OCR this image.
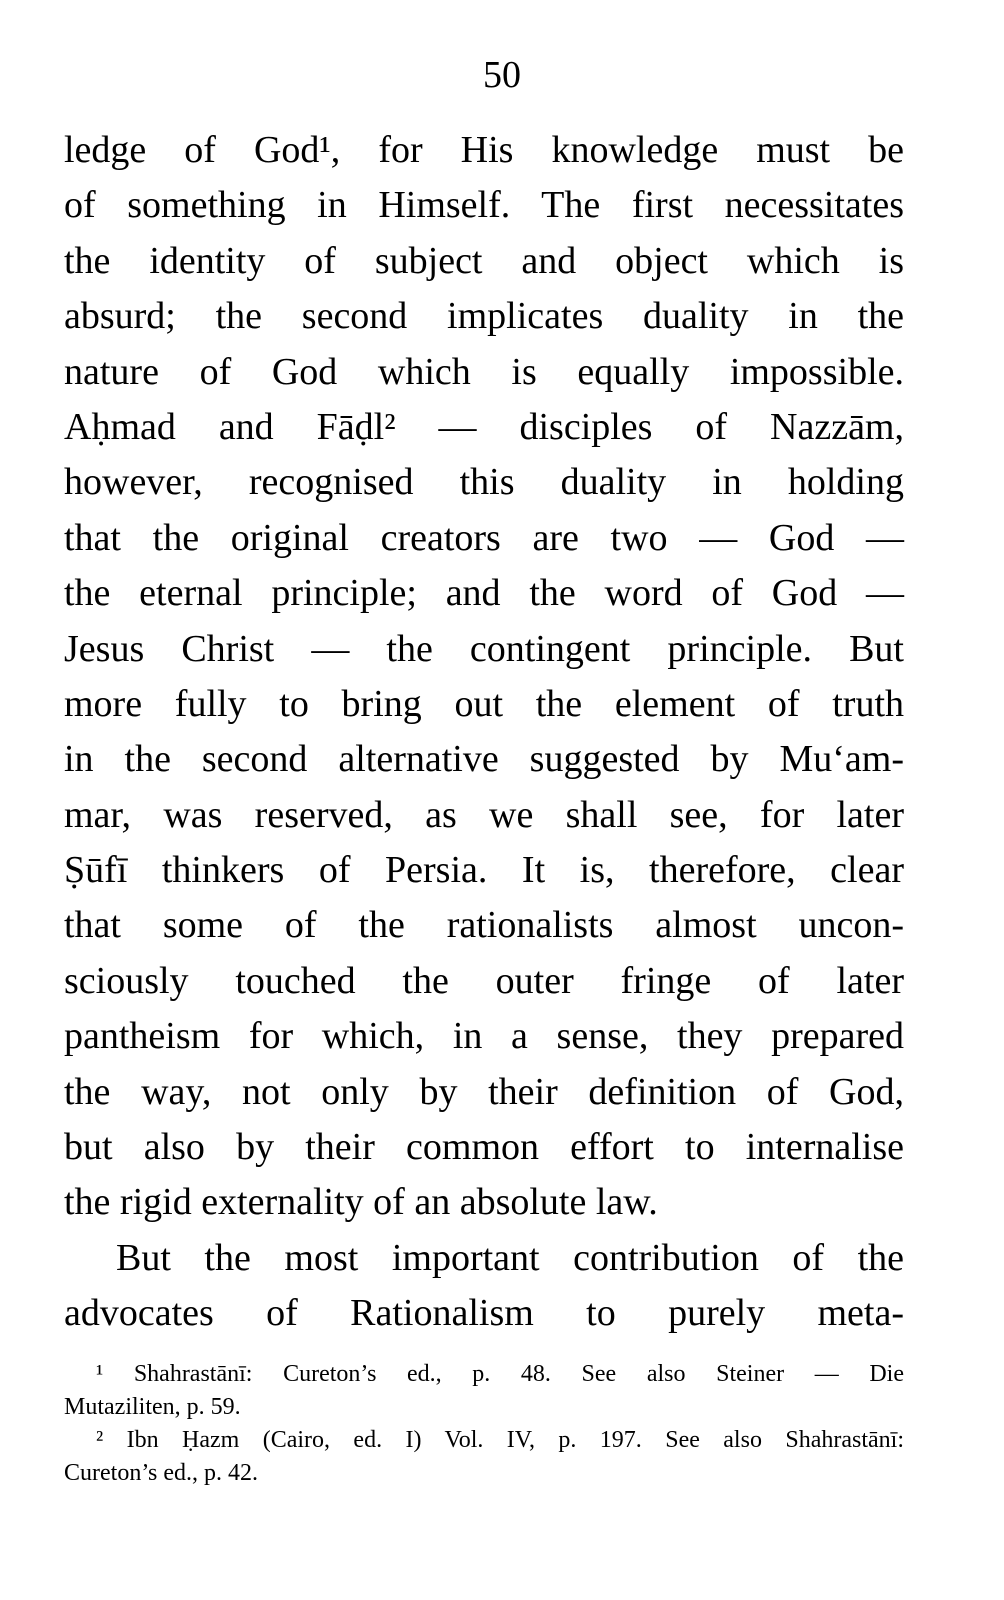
50
ledge of God¹, for His knowledge must be
of something in Himself. The first necessitates
the identity of subject and object which is
absurd; the second implicates duality in the
nature of God which is equally impossible.
Aḥmad and Fāḍl² — disciples of Nazzām,
however, recognised this duality in holding
that the original creators are two — God —
the eternal principle; and the word of God —
Jesus Christ — the contingent principle. But
more fully to bring out the element of truth
in the second alternative suggested by Mu‘am-
mar, was reserved, as we shall see, for later
Ṣūfī thinkers of Persia. It is, therefore, clear
that some of the rationalists almost uncon-
sciously touched the outer fringe of later
pantheism for which, in a sense, they prepared
the way, not only by their definition of God,
but also by their common effort to internalise
the rigid externality of an absolute law.
But the most important contribution of the
advocates of Rationalism to purely meta-
¹ Shahrastānī: Cureton’s ed., p. 48. See also Steiner — Die
Mutaziliten, p. 59.
² Ibn Ḥazm (Cairo, ed. I) Vol. IV, p. 197. See also Shahrastānī:
Cureton’s ed., p. 42.
